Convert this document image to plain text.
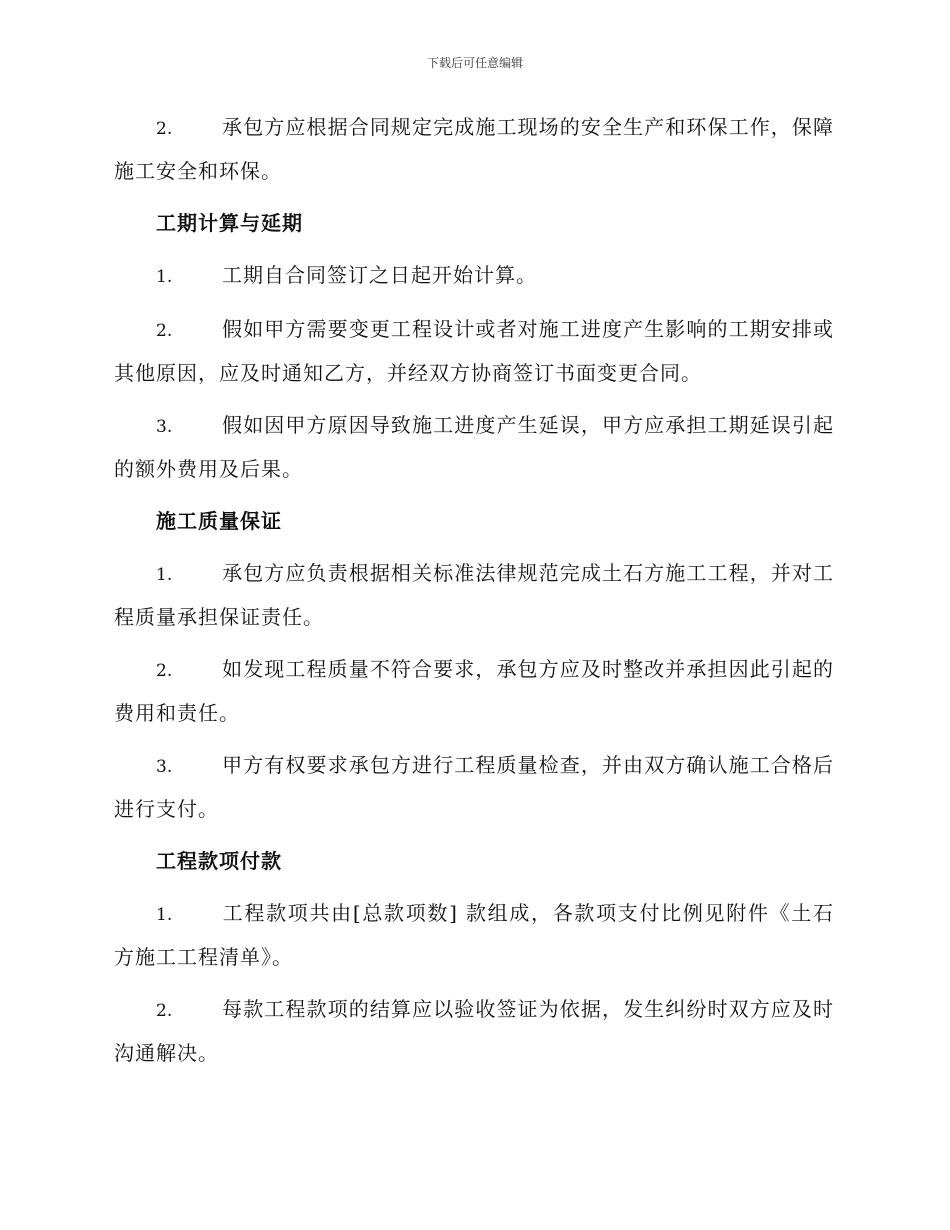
下载后可任意编辑

2. 承包方应根据合同规定完成施工现场的安全生产和环保工作，保障施工安全和环保。

工期计算与延期

1. 工期自合同签订之日起开始计算。

2. 假如甲方需要变更工程设计或者对施工进度产生影响的工期安排或其他原因，应及时通知乙方，并经双方协商签订书面变更合同。

3. 假如因甲方原因导致施工进度产生延误，甲方应承担工期延误引起的额外费用及后果。

施工质量保证

1. 承包方应负责根据相关标准法律规范完成土石方施工工程，并对工程质量承担保证责任。

2. 如发现工程质量不符合要求，承包方应及时整改并承担因此引起的费用和责任。

3. 甲方有权要求承包方进行工程质量检查，并由双方确认施工合格后进行支付。

工程款项付款

1. 工程款项共由[总款项数] 款组成，各款项支付比例见附件《土石方施工工程清单》。

2. 每款工程款项的结算应以验收签证为依据，发生纠纷时双方应及时沟通解决。
